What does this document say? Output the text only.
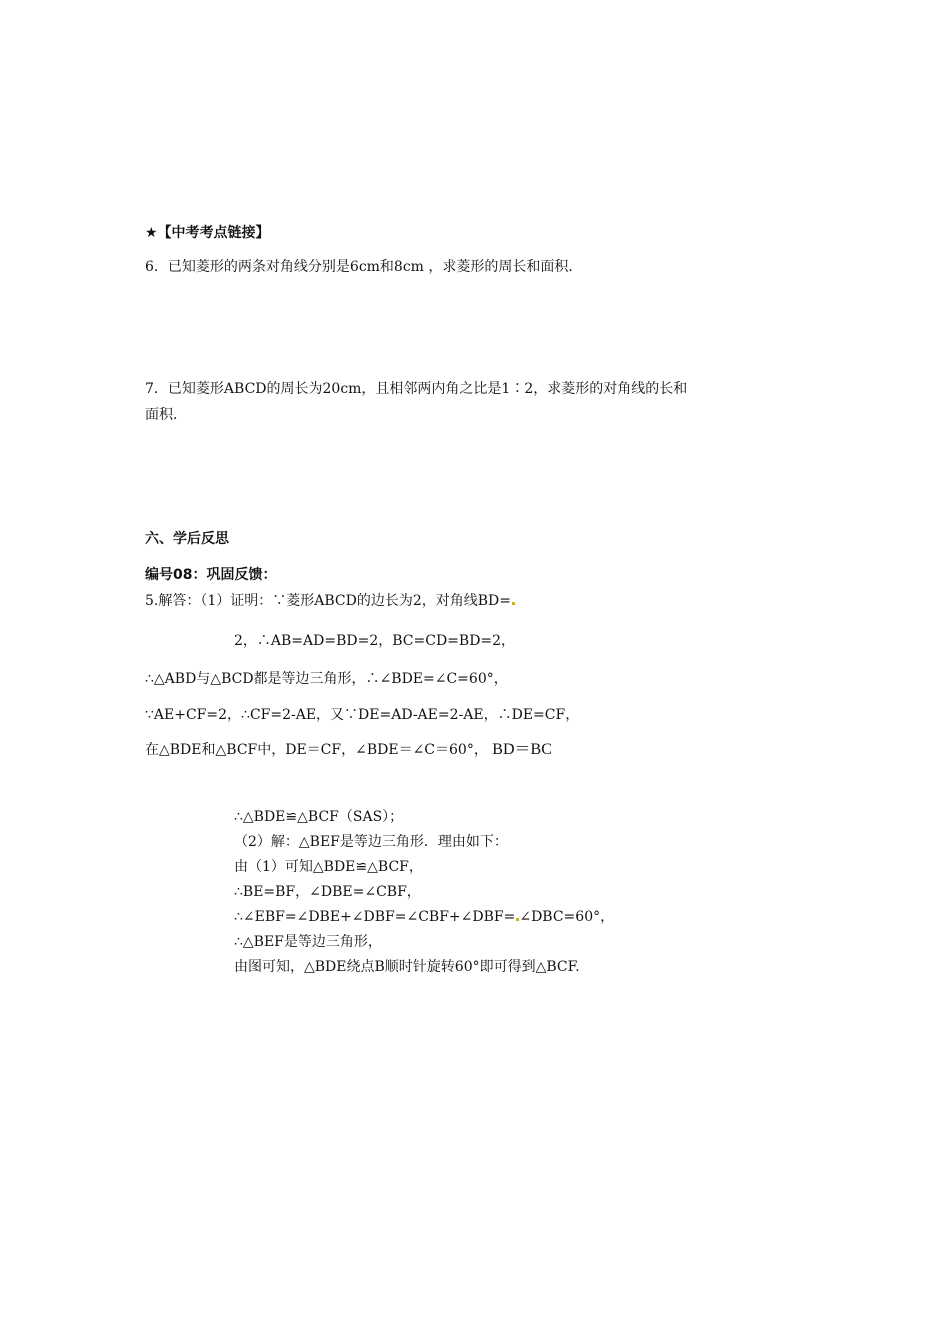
★【中考考点链接】
6．已知菱形的两条对角线分别是6cm和8cm ，求菱形的周长和面积.
7．已知菱形ABCD的周长为20cm，且相邻两内角之比是1∶2，求菱形的对角线的长和
面积.
六、学后反思
编号08：巩固反馈：
5.解答：（1）证明：∵菱形ABCD的边长为2，对角线BD=
2，∴AB=AD=BD=2，BC=CD=BD=2，
∴△ABD与△BCD都是等边三角形，∴∠BDE=∠C=60°，
∵AE+CF=2，∴CF=2-AE，又∵DE=AD-AE=2-AE，∴DE=CF，
在△BDE和△BCF中，DE＝CF，∠BDE＝∠C＝60°， BD＝BC
∴△BDE≌△BCF（SAS）；
（2）解：△BEF是等边三角形．理由如下：
由（1）可知△BDE≌△BCF，
∴BE=BF，∠DBE=∠CBF，
∴∠EBF=∠DBE+∠DBF=∠CBF+∠DBF= ∠DBC=60°，
∴△BEF是等边三角形，
由图可知，△BDE绕点B顺时针旋转60°即可得到△BCF.
